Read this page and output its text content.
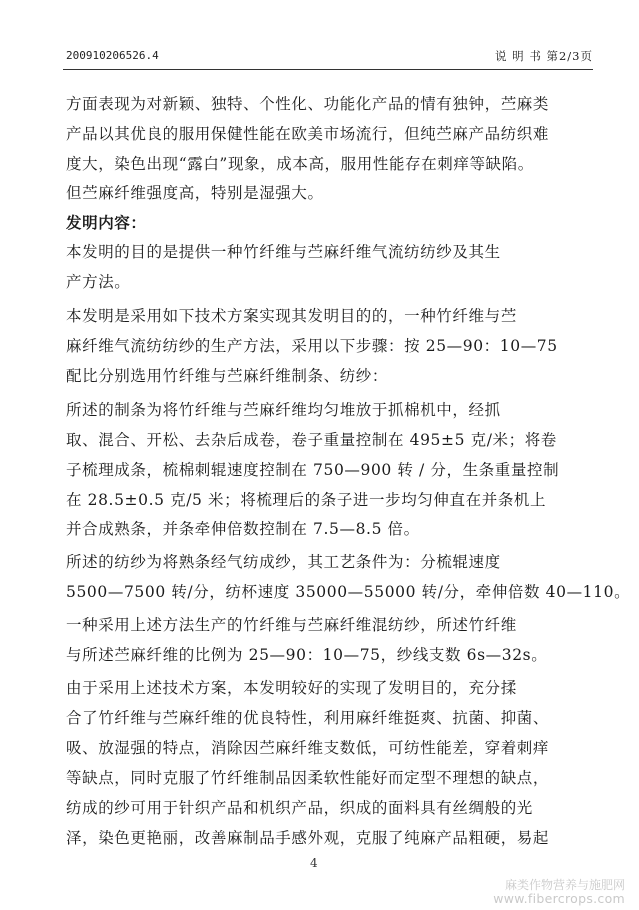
200910206526.4	说 明 书 第2/3页
方面表现为对新颖、独特、个性化、功能化产品的情有独钟，苎麻类
产品以其优良的服用保健性能在欧美市场流行，但纯苎麻产品纺织难
度大，染色出现“露白”现象，成本高，服用性能存在刺痒等缺陷。
但苎麻纤维强度高，特别是湿强大。
发明内容：
本发明的目的是提供一种竹纤维与苎麻纤维气流纺纺纱及其生
产方法。
本发明是采用如下技术方案实现其发明目的的，一种竹纤维与苎
麻纤维气流纺纺纱的生产方法，采用以下步骤：按 25—90：10—75
配比分别选用竹纤维与苎麻纤维制条、纺纱：
所述的制条为将竹纤维与苎麻纤维均匀堆放于抓棉机中，经抓
取、混合、开松、去杂后成卷，卷子重量控制在 495±5 克/米；将卷
子梳理成条，梳棉刺辊速度控制在 750—900 转 / 分，生条重量控制
在 28.5±0.5 克/5 米；将梳理后的条子进一步均匀伸直在并条机上
并合成熟条，并条牵伸倍数控制在 7.5—8.5 倍。
所述的纺纱为将熟条经气纺成纱，其工艺条件为：分梳辊速度
5500—7500 转/分，纺杯速度 35000—55000 转/分，牵伸倍数 40—110。
一种采用上述方法生产的竹纤维与苎麻纤维混纺纱，所述竹纤维
与所述苎麻纤维的比例为 25—90：10—75，纱线支数 6s—32s。
由于采用上述技术方案，本发明较好的实现了发明目的，充分揉
合了竹纤维与苎麻纤维的优良特性，利用麻纤维挺爽、抗菌、抑菌、
吸、放湿强的特点，消除因苎麻纤维支数低，可纺性能差，穿着刺痒
等缺点，同时克服了竹纤维制品因柔软性能好而定型不理想的缺点，
纺成的纱可用于针织产品和机织产品，织成的面料具有丝绸般的光
泽，染色更艳丽，改善麻制品手感外观，克服了纯麻产品粗硬，易起
4
麻类作物营养与施肥网
www.fibercrops.com
